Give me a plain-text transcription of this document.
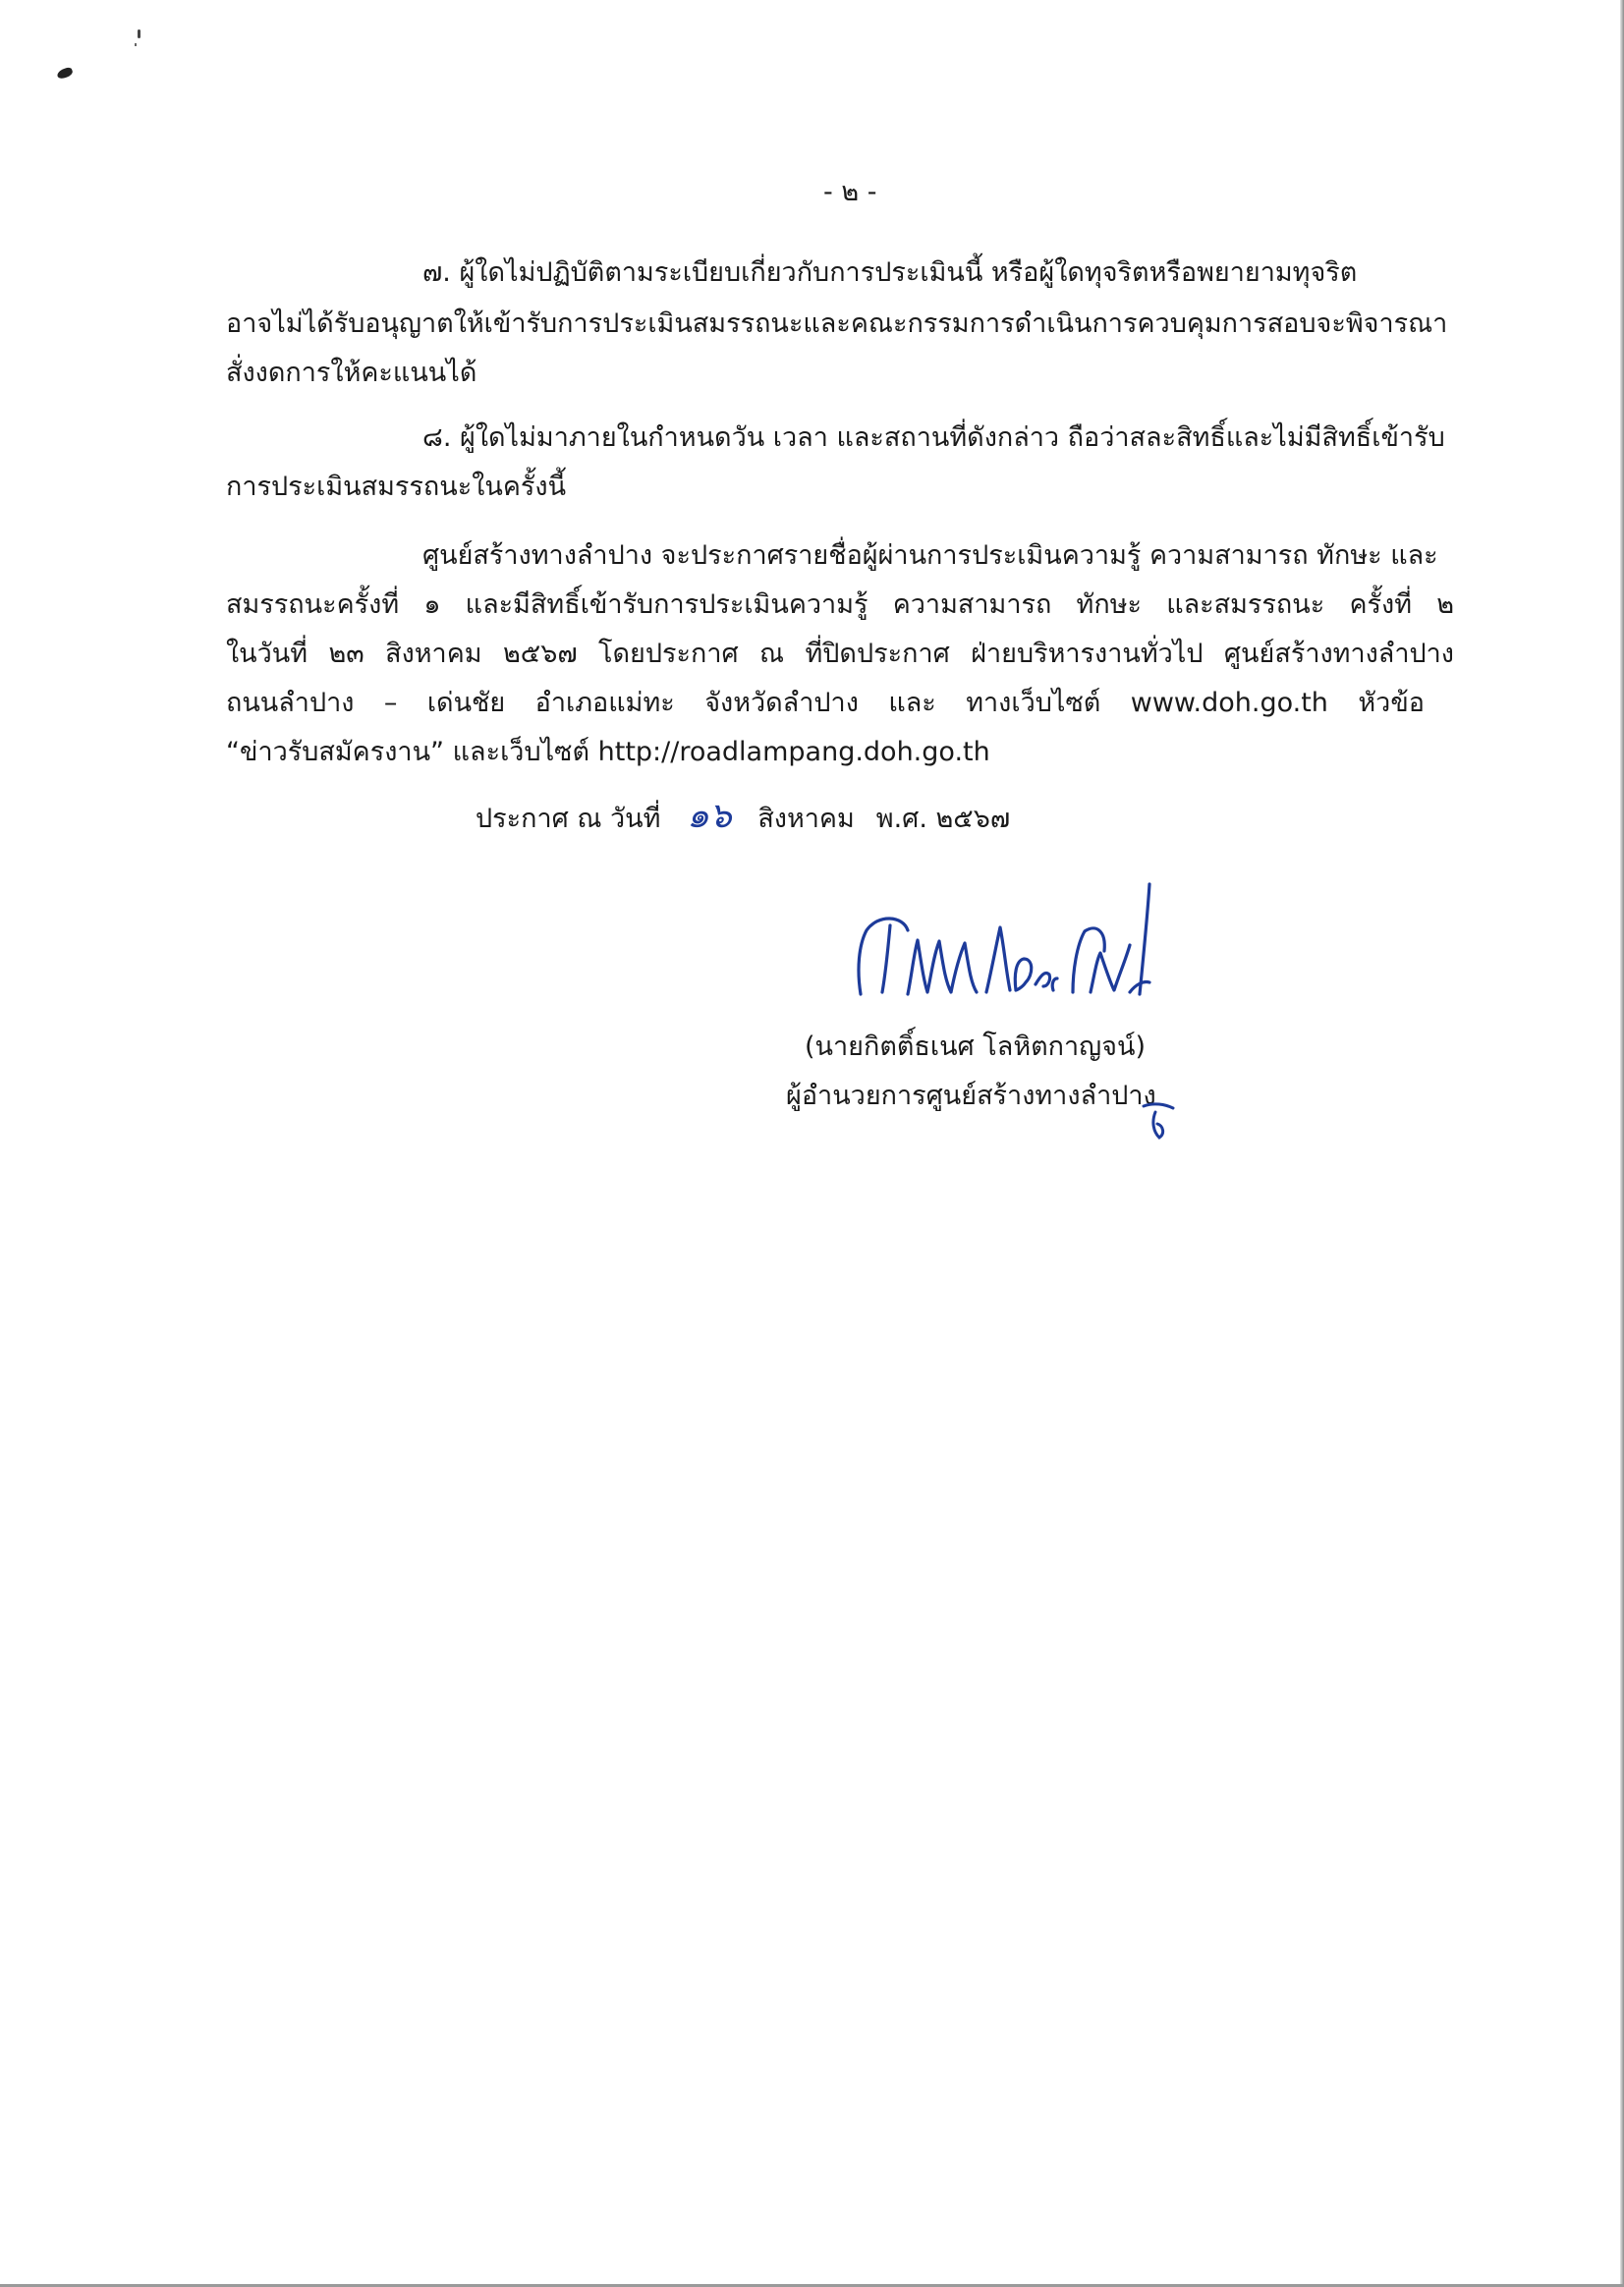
- ๒ -

๗. ผู้ใดไม่ปฏิบัติตามระเบียบเกี่ยวกับการประเมินนี้ หรือผู้ใดทุจริตหรือพยายามทุจริต

อาจไม่ได้รับอนุญาตให้เข้ารับการประเมินสมรรถนะและคณะกรรมการดำเนินการควบคุมการสอบจะพิจารณา

สั่งงดการให้คะแนนได้

๘. ผู้ใดไม่มาภายในกำหนดวัน เวลา และสถานที่ดังกล่าว ถือว่าสละสิทธิ์และไม่มีสิทธิ์เข้ารับ

การประเมินสมรรถนะในครั้งนี้

ศูนย์สร้างทางลำปาง จะประกาศรายชื่อผู้ผ่านการประเมินความรู้ ความสามารถ ทักษะ และ

สมรรถนะครั้งที่ ๑ และมีสิทธิ์เข้ารับการประเมินความรู้ ความสามารถ ทักษะ และสมรรถนะ ครั้งที่ ๒

ในวันที่ ๒๓ สิงหาคม ๒๕๖๗ โดยประกาศ ณ ที่ปิดประกาศ ฝ่ายบริหารงานทั่วไป ศูนย์สร้างทางลำปาง

ถนนลำปาง – เด่นชัย อำเภอแม่ทะ จังหวัดลำปาง และ ทางเว็บไซต์ www.doh.go.th หัวข้อ

“ข่าวรับสมัครงาน” และเว็บไซต์ http://roadlampang.doh.go.th

ประกาศ ณ วันที่ ๑๖ สิงหาคม พ.ศ. ๒๕๖๗

(นายกิตติ์ธเนศ โลหิตกาญจน์)

ผู้อำนวยการศูนย์สร้างทางลำปาง
